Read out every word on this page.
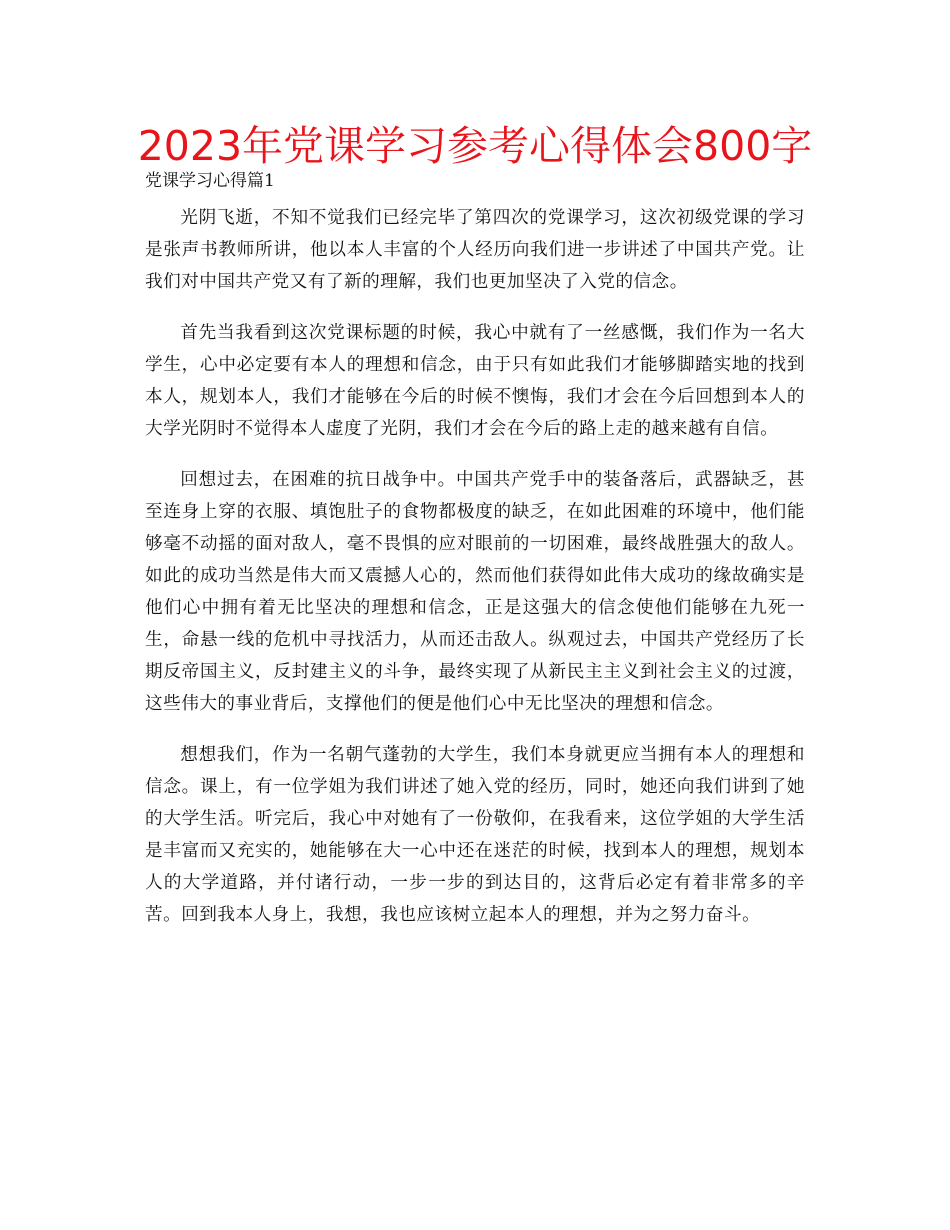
2023年党课学习参考心得体会800字
党课学习心得篇1

光阴飞逝，不知不觉我们已经完毕了第四次的党课学习，这次初级党课的学习是张声书教师所讲，他以本人丰富的个人经历向我们进一步讲述了中国共产党。让我们对中国共产党又有了新的理解，我们也更加坚决了入党的信念。

首先当我看到这次党课标题的时候，我心中就有了一丝感慨，我们作为一名大学生，心中必定要有本人的理想和信念，由于只有如此我们才能够脚踏实地的找到本人，规划本人，我们才能够在今后的时候不懊悔，我们才会在今后回想到本人的大学光阴时不觉得本人虚度了光阴，我们才会在今后的路上走的越来越有自信。

回想过去，在困难的抗日战争中。中国共产党手中的装备落后，武器缺乏，甚至连身上穿的衣服、填饱肚子的食物都极度的缺乏，在如此困难的环境中，他们能够毫不动摇的面对敌人，毫不畏惧的应对眼前的一切困难，最终战胜强大的敌人。如此的成功当然是伟大而又震撼人心的，然而他们获得如此伟大成功的缘故确实是他们心中拥有着无比坚决的理想和信念，正是这强大的信念使他们能够在九死一生，命悬一线的危机中寻找活力，从而还击敌人。纵观过去，中国共产党经历了长期反帝国主义，反封建主义的斗争，最终实现了从新民主主义到社会主义的过渡，这些伟大的事业背后，支撑他们的便是他们心中无比坚决的理想和信念。

想想我们，作为一名朝气蓬勃的大学生，我们本身就更应当拥有本人的理想和信念。课上，有一位学姐为我们讲述了她入党的经历，同时，她还向我们讲到了她的大学生活。听完后，我心中对她有了一份敬仰，在我看来，这位学姐的大学生活是丰富而又充实的，她能够在大一心中还在迷茫的时候，找到本人的理想，规划本人的大学道路，并付诸行动，一步一步的到达目的，这背后必定有着非常多的辛苦。回到我本人身上，我想，我也应该树立起本人的理想，并为之努力奋斗。
